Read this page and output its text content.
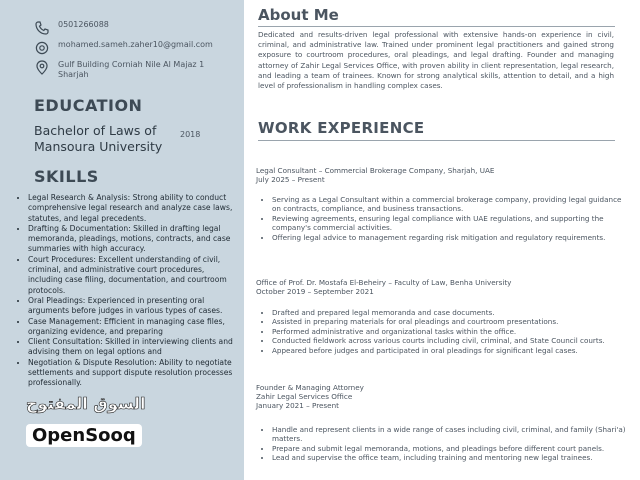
0501266088
mohamed.sameh.zaher10@gmail.com
Gulf Building Corniah Nile Al Majaz 1 Sharjah
EDUCATION
Bachelor of Laws of Mansoura University
2018
SKILLS
• Legal Research & Analysis: Strong ability to conduct comprehensive legal research and analyze case laws, statutes, and legal precedents.
• Drafting & Documentation: Skilled in drafting legal memoranda, pleadings, motions, contracts, and case summaries with high accuracy.
• Court Procedures: Excellent understanding of civil, criminal, and administrative court procedures, including case filing, documentation, and courtroom protocols.
• Oral Pleadings: Experienced in presenting oral arguments before judges in various types of cases.
• Case Management: Efficient in managing case files, organizing evidence, and preparing
• Client Consultation: Skilled in interviewing clients and advising them on legal options and
• Negotiation & Dispute Resolution: Ability to negotiate settlements and support dispute resolution processes professionally.
About Me

Dedicated and results-driven legal professional with extensive hands-on experience in civil, criminal, and administrative law. Trained under prominent legal practitioners and gained strong exposure to courtroom procedures, oral pleadings, and legal drafting. Founder and managing attorney of Zahir Legal Services Office, with proven ability in client representation, legal research, and leading a team of trainees. Known for strong analytical skills, attention to detail, and a high level of professionalism in handling complex cases.

WORK EXPERIENCE
Legal Consultant – Commercial Brokerage Company, Sharjah, UAE
July 2025 – Present
• Serving as a Legal Consultant within a commercial brokerage company, providing legal guidance on contracts, compliance, and business transactions.
• Reviewing agreements, ensuring legal compliance with UAE regulations, and supporting the company's commercial activities.
• Offering legal advice to management regarding risk mitigation and regulatory requirements.
Office of Prof. Dr. Mostafa El-Beheiry – Faculty of Law, Benha University
October 2019 – September 2021
• Drafted and prepared legal memoranda and case documents.
• Assisted in preparing materials for oral pleadings and courtroom presentations.
• Performed administrative and organizational tasks within the office.
• Conducted fieldwork across various courts including civil, criminal, and State Council courts.
• Appeared before judges and participated in oral pleadings for significant legal cases.
Founder & Managing Attorney
Zahir Legal Services Office
January 2021 – Present
• Handle and represent clients in a wide range of cases including civil, criminal, and family (Shari'a) matters.
• Prepare and submit legal memoranda, motions, and pleadings before different court panels.
• Lead and supervise the office team, including training and mentoring new legal trainees.
السوق المفتوح
OpenSooq
